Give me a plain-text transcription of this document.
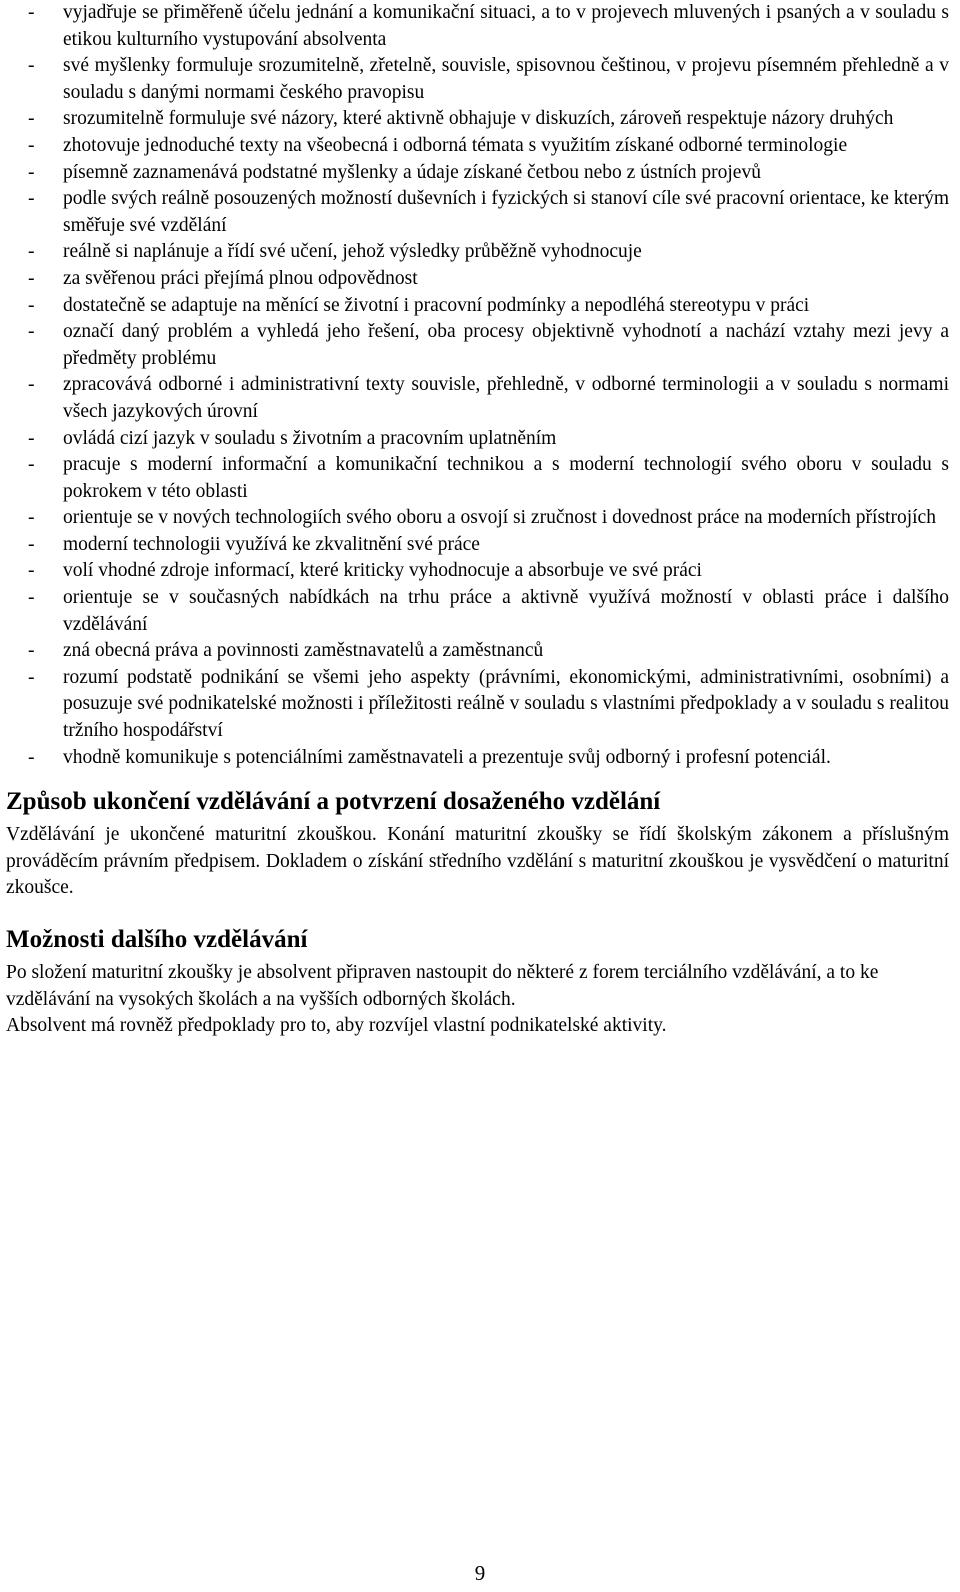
- vyjadřuje se přiměřeně účelu jednání a komunikační situaci, a to v projevech mluvených i psaných a v souladu s etikou kulturního vystupování absolventa
- své myšlenky formuluje srozumitelně, zřetelně, souvisle, spisovnou češtinou, v projevu písemném přehledně a v souladu s danými normami českého pravopisu
- srozumitelně formuluje své názory, které aktivně obhajuje v diskuzích, zároveň respektuje názory druhých
- zhotovuje jednoduché texty na všeobecná i odborná témata s využitím získané odborné terminologie
- písemně zaznamenává podstatné myšlenky a údaje získané četbou nebo z ústních projevů
- podle svých reálně posouzených možností duševních i fyzických si stanoví cíle své pracovní orientace, ke kterým směřuje své vzdělání
- reálně si naplánuje a řídí své učení, jehož výsledky průběžně vyhodnocuje
- za svěřenou práci přejímá plnou odpovědnost
- dostatečně se adaptuje na měnící se životní i pracovní podmínky a nepodléhá stereotypu v práci
- označí daný problém a vyhledá jeho řešení, oba procesy objektivně vyhodnotí a nachází vztahy mezi jevy a předměty problému
- zpracovává odborné i administrativní texty souvisle, přehledně, v odborné terminologii a v souladu s normami všech jazykových úrovní
- ovládá cizí jazyk v souladu s životním a pracovním uplatněním
- pracuje s moderní informační a komunikační technikou a s moderní technologií svého oboru v souladu s pokrokem v této oblasti
- orientuje se v nových technologiích svého oboru a osvojí si zručnost i dovednost práce na moderních přístrojích
- moderní technologii využívá ke zkvalitnění své práce
- volí vhodné zdroje informací, které kriticky vyhodnocuje a absorbuje ve své práci
- orientuje se v současných nabídkách na trhu práce a aktivně využívá možností v oblasti práce i dalšího vzdělávání
- zná obecná práva a povinnosti zaměstnavatelů a zaměstnanců
- rozumí podstatě podnikání se všemi jeho aspekty (právními, ekonomickými, administrativními, osobními) a posuzuje své podnikatelské možnosti i příležitosti reálně v souladu s vlastními předpoklady a v souladu s realitou tržního hospodářství
- vhodně komunikuje s potenciálními zaměstnavateli a prezentuje svůj odborný i profesní potenciál.
Způsob ukončení vzdělávání a potvrzení dosaženého vzdělání

Vzdělávání je ukončené maturitní zkouškou. Konání maturitní zkoušky se řídí školským zákonem a příslušným prováděcím právním předpisem. Dokladem o získání středního vzdělání s maturitní zkouškou je vysvědčení o maturitní zkoušce.

Možnosti dalšího vzdělávání

Po složení maturitní zkoušky je absolvent připraven nastoupit do některé z forem terciálního vzdělávání, a to ke vzdělávání na vysokých školách a na vyšších odborných školách.
Absolvent má rovněž předpoklady pro to, aby rozvíjel vlastní podnikatelské aktivity.

9
